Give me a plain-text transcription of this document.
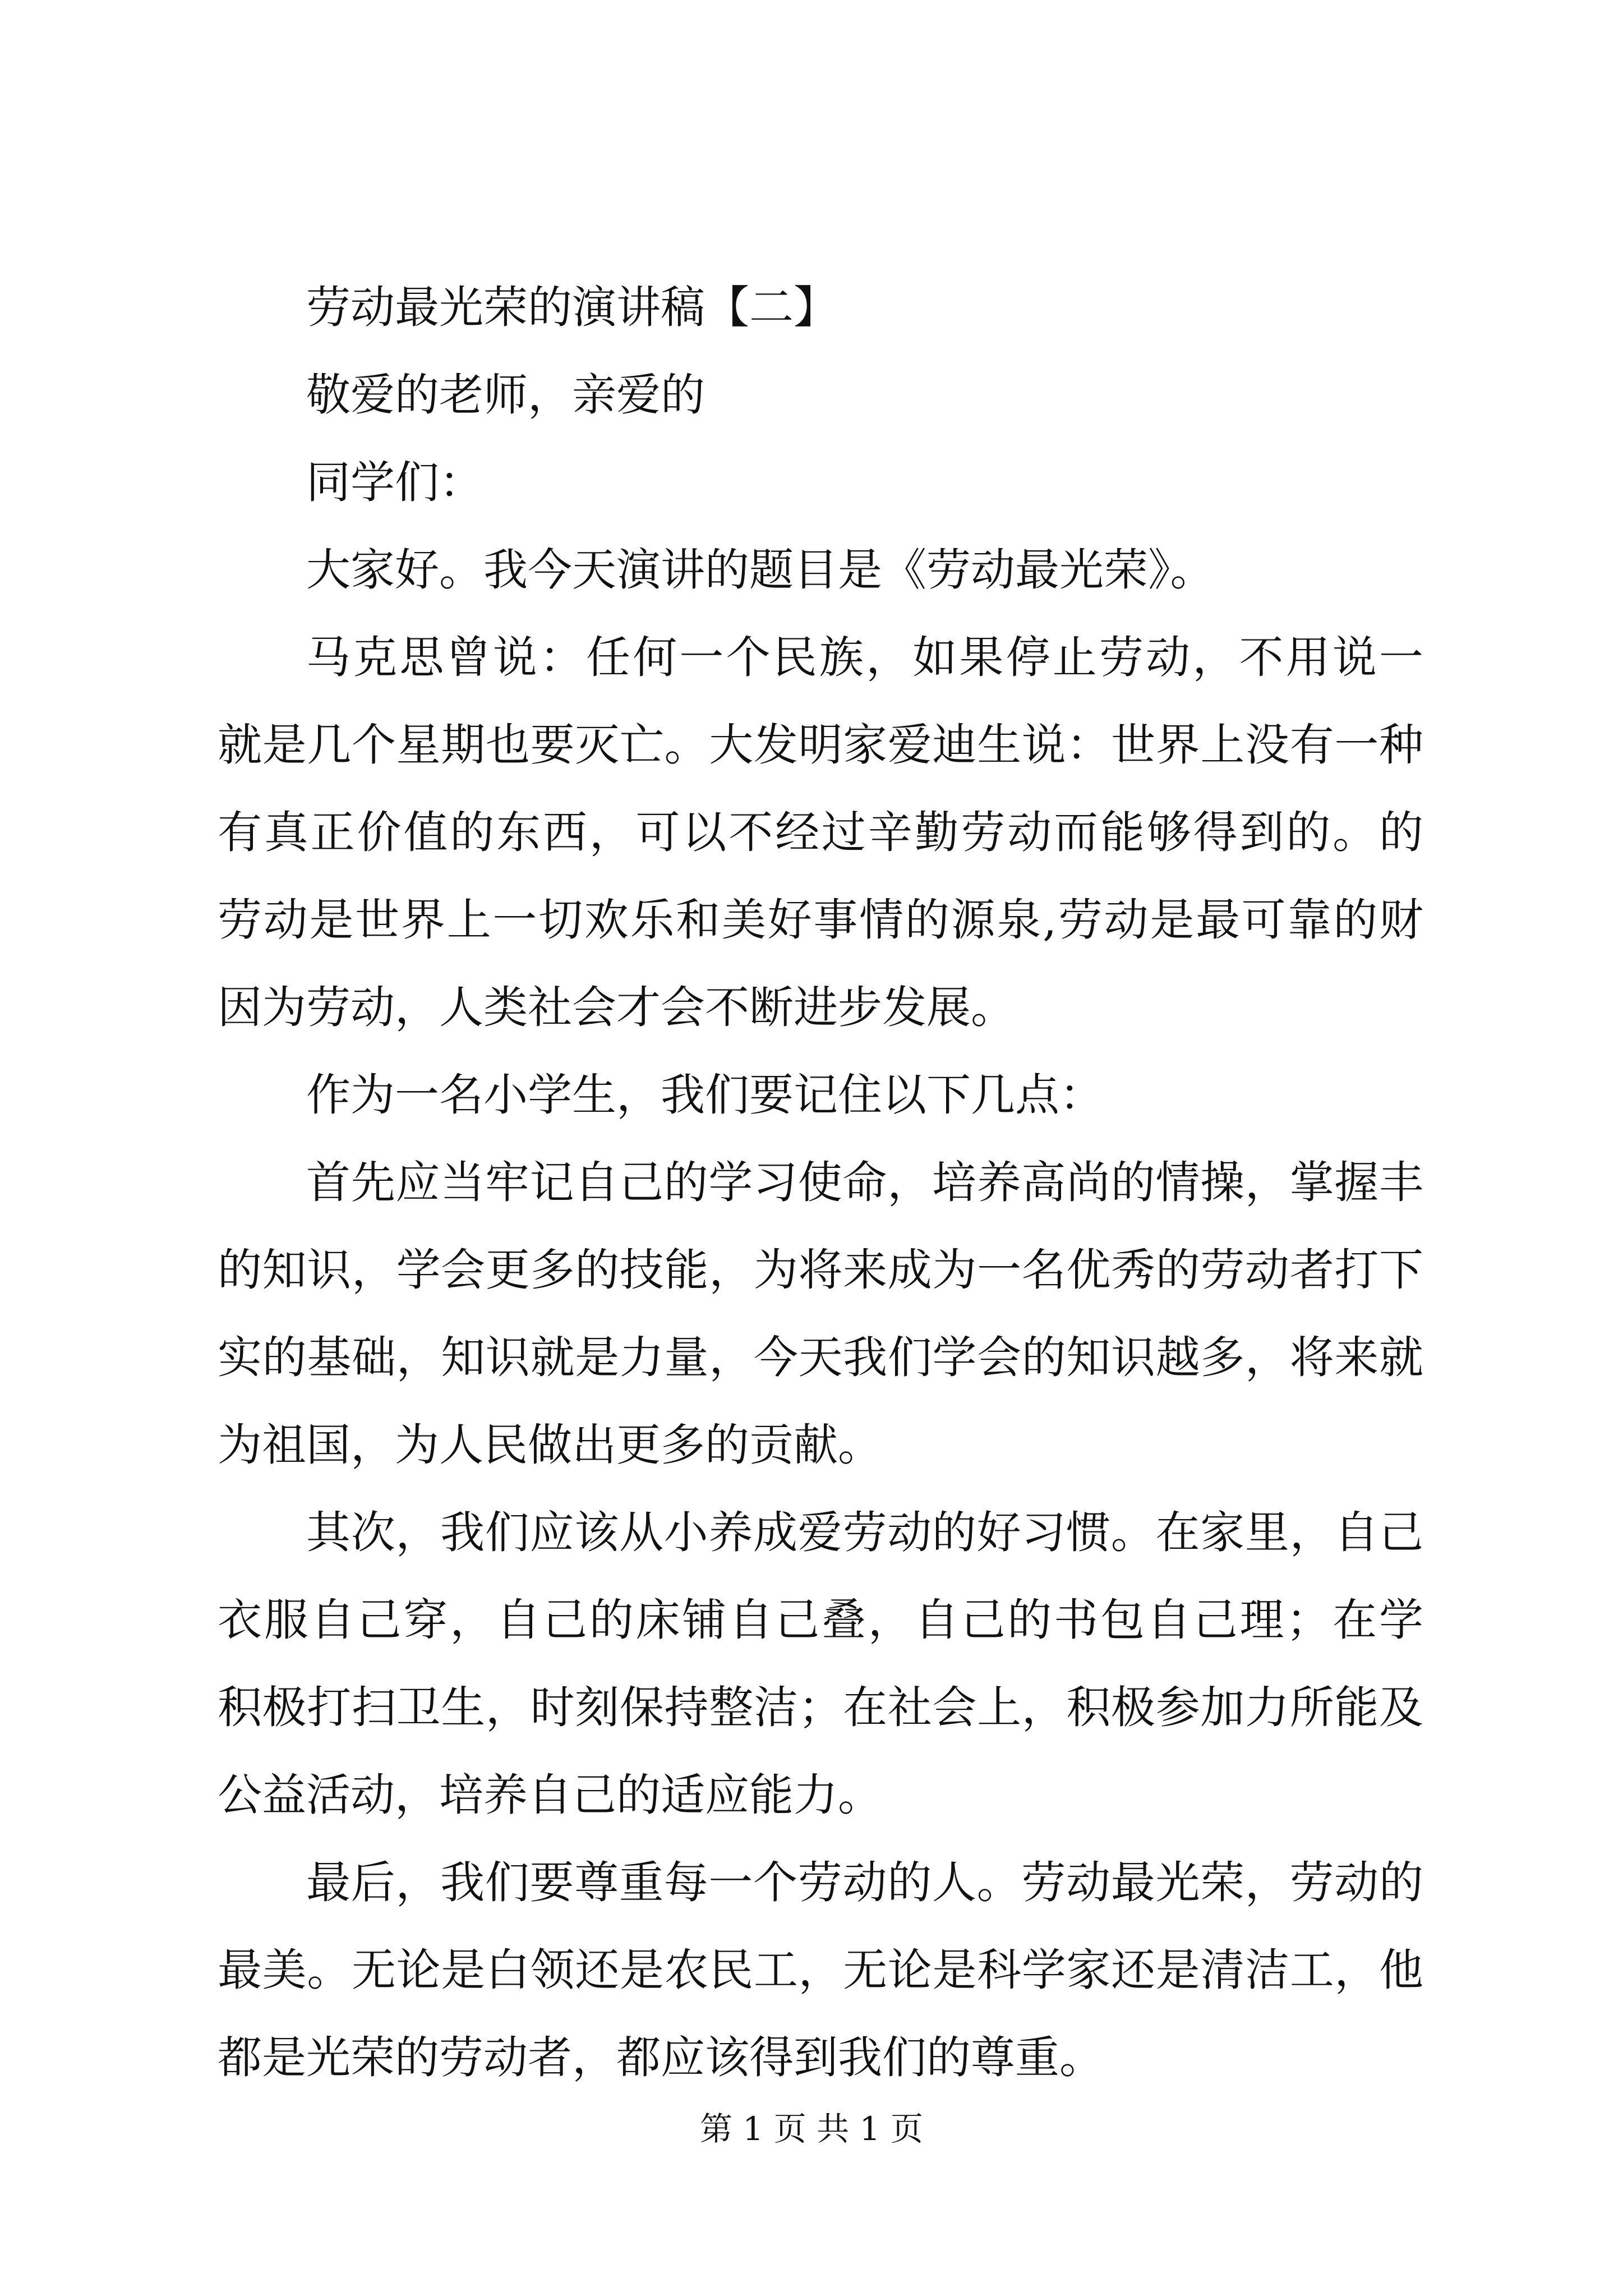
劳动最光荣的演讲稿【二】
敬爱的老师，亲爱的
同学们：
大家好。我今天演讲的题目是《劳动最光荣》。
马克思曾说：任何一个民族，如果停止劳动，不用说一
就是几个星期也要灭亡。大发明家爱迪生说：世界上没有一种
有真正价值的东西，可以不经过辛勤劳动而能够得到的。的
劳动是世界上一切欢乐和美好事情的源泉,劳动是最可靠的财
因为劳动，人类社会才会不断进步发展。
作为一名小学生，我们要记住以下几点：
首先应当牢记自己的学习使命，培养高尚的情操，掌握丰
的知识，学会更多的技能，为将来成为一名优秀的劳动者打下
实的基础，知识就是力量，今天我们学会的知识越多，将来就
为祖国，为人民做出更多的贡献。
其次，我们应该从小养成爱劳动的好习惯。在家里，自己
衣服自己穿，自己的床铺自己叠，自己的书包自己理；在学
积极打扫卫生，时刻保持整洁；在社会上，积极参加力所能及
公益活动，培养自己的适应能力。
最后，我们要尊重每一个劳动的人。劳动最光荣，劳动的
最美。无论是白领还是农民工，无论是科学家还是清洁工，他
都是光荣的劳动者，都应该得到我们的尊重。
第 1 页 共 1 页
